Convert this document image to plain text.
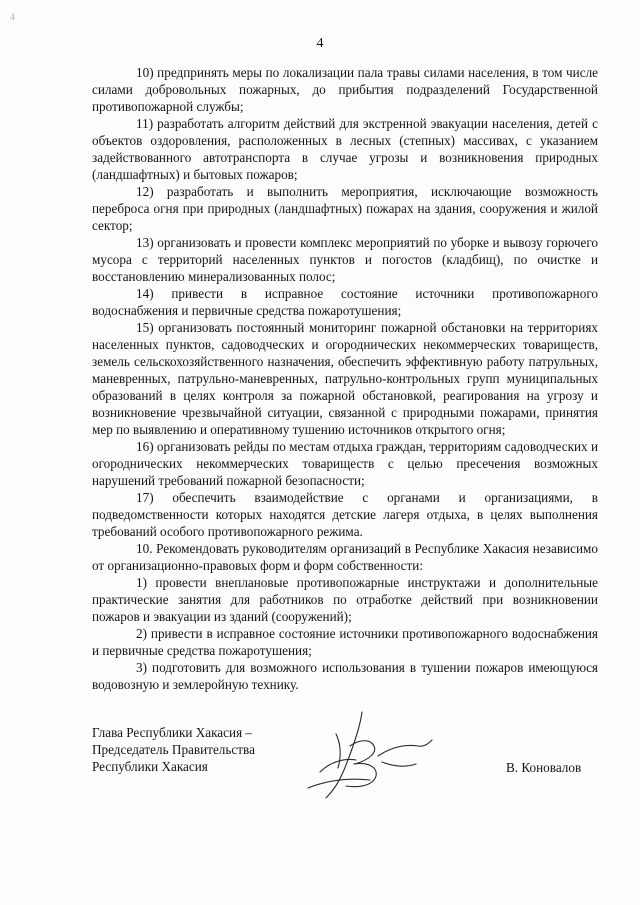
4
4

10) предпринять меры по локализации пала травы силами населения, в том числе силами добровольных пожарных, до прибытия подразделений Государственной противопожарной службы;

11) разработать алгоритм действий для экстренной эвакуации населения, детей с объектов оздоровления, расположенных в лесных (степных) массивах, с указанием задействованного автотранспорта в случае угрозы и возникновения природных (ландшафтных) и бытовых пожаров;

12) разработать и выполнить мероприятия, исключающие возможность переброса огня при природных (ландшафтных) пожарах на здания, сооружения и жилой сектор;

13) организовать и провести комплекс мероприятий по уборке и вывозу горючего мусора с территорий населенных пунктов и погостов (кладбищ), по очистке и восстановлению минерализованных полос;

14) привести в исправное состояние источники противопожарного водоснабжения и первичные средства пожаротушения;

15) организовать постоянный мониторинг пожарной обстановки на территориях населенных пунктов, садоводческих и огороднических некоммерческих товариществ, земель сельскохозяйственного назначения, обеспечить эффективную работу патрульных, маневренных, патрульно-маневренных, патрульно-контрольных групп муниципальных образований в целях контроля за пожарной обстановкой, реагирования на угрозу и возникновение чрезвычайной ситуации, связанной с природными пожарами, принятия мер по выявлению и оперативному тушению источников открытого огня;

16) организовать рейды по местам отдыха граждан, территориям садоводческих и огороднических некоммерческих товариществ с целью пресечения возможных нарушений требований пожарной безопасности;

17) обеспечить взаимодействие с органами и организациями, в подведомственности которых находятся детские лагеря отдыха, в целях выполнения требований особого противопожарного режима.

10. Рекомендовать руководителям организаций в Республике Хакасия независимо от организационно-правовых форм и форм собственности:

1) провести внеплановые противопожарные инструктажи и дополнительные практические занятия для работников по отработке действий при возникновении пожаров и эвакуации из зданий (сооружений);

2) привести в исправное состояние источники противопожарного водоснабжения и первичные средства пожаротушения;

3) подготовить для возможного использования в тушении пожаров имеющуюся водовозную и землеройную технику.

Глава Республики Хакасия –
Председатель Правительства
Республики Хакасия	В. Коновалов
